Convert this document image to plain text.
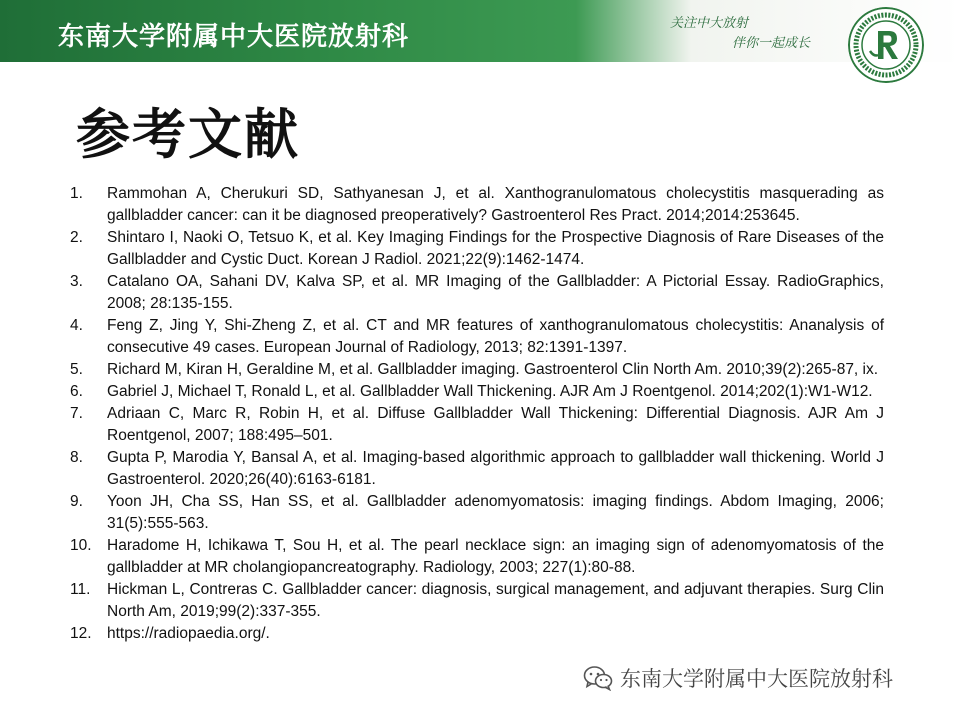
东南大学附属中大医院放射科	关注中大放射
伴你一起成长
参考文献
1.	Rammohan A, Cherukuri SD, Sathyanesan J, et al. Xanthogranulomatous cholecystitis masquerading as gallbladder cancer: can it be diagnosed preoperatively? Gastroenterol Res Pract. 2014;2014:253645.
2.	Shintaro I, Naoki O, Tetsuo K, et al. Key Imaging Findings for the Prospective Diagnosis of Rare Diseases of the Gallbladder and Cystic Duct. Korean J Radiol. 2021;22(9):1462-1474.
3.	Catalano OA, Sahani DV, Kalva SP, et al. MR Imaging of the Gallbladder: A Pictorial Essay. RadioGraphics, 2008; 28:135-155.
4.	Feng Z, Jing Y, Shi-Zheng Z, et al. CT and MR features of xanthogranulomatous cholecystitis: Ananalysis of consecutive 49 cases. European Journal of Radiology, 2013; 82:1391-1397.
5.	Richard M, Kiran H, Geraldine M, et al. Gallbladder imaging. Gastroenterol Clin North Am. 2010;39(2):265-87, ix.
6.	Gabriel J, Michael T, Ronald L, et al. Gallbladder Wall Thickening. AJR Am J Roentgenol. 2014;202(1):W1-W12.
7.	Adriaan C, Marc R, Robin H, et al. Diffuse Gallbladder Wall Thickening: Differential Diagnosis. AJR Am J Roentgenol, 2007; 188:495–501.
8.	Gupta P, Marodia Y, Bansal A, et al. Imaging-based algorithmic approach to gallbladder wall thickening. World J Gastroenterol. 2020;26(40):6163-6181.
9.	Yoon JH, Cha SS, Han SS, et al. Gallbladder adenomyomatosis: imaging findings. Abdom Imaging, 2006; 31(5):555-563.
10. Haradome H, Ichikawa T, Sou H, et al. The pearl necklace sign: an imaging sign of adenomyomatosis of the gallbladder at MR cholangiopancreatography. Radiology, 2003; 227(1):80-88.
11.	Hickman L, Contreras C. Gallbladder cancer: diagnosis, surgical management, and adjuvant therapies. Surg Clin North Am, 2019;99(2):337-355.
12. https://radiopaedia.org/.
东南大学附属中大医院放射科
